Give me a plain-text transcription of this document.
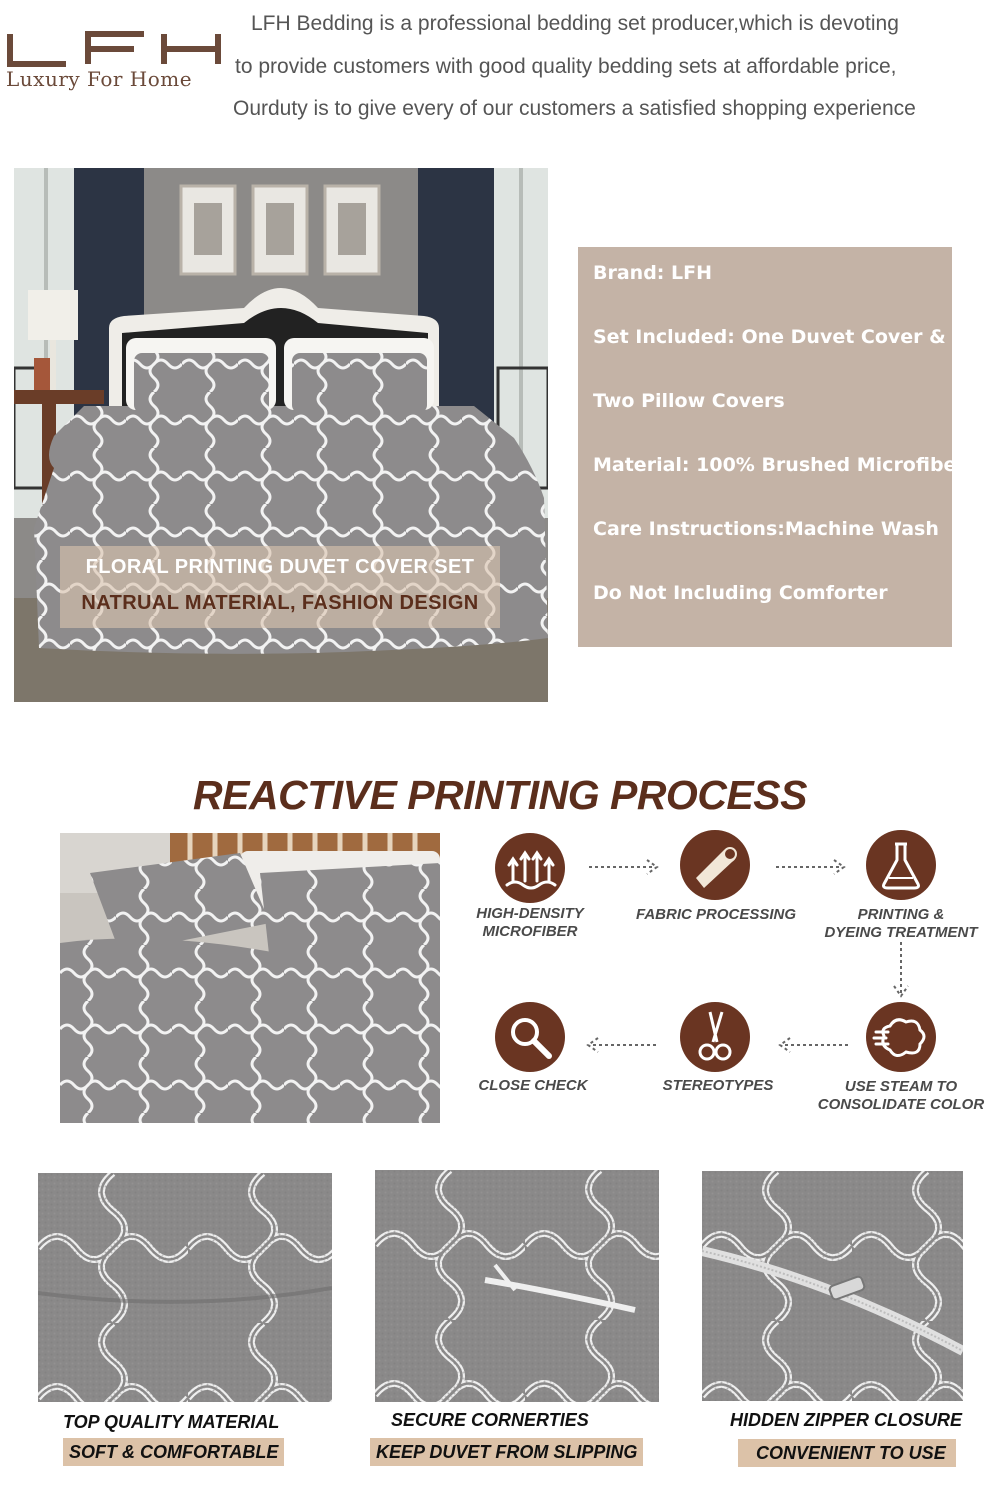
Luxury For Home
LFH Bedding is a professional bedding set producer,which is devoting
to provide customers with good quality bedding sets at affordable price,
Ourduty is to give every of our customers a satisfied shopping experience
FLORAL PRINTING DUVET COVER SET
NATRUAL MATERIAL, FASHION DESIGN
Brand: LFH
Set Included: One Duvet Cover &
Two Pillow Covers
Material: 100% Brushed Microfiber
Care Instructions:Machine Wash
Do Not Including Comforter
REACTIVE PRINTING PROCESS
HIGH-DENSITY
MICROFIBER
FABRIC PROCESSING	PRINTING &
DYEING TREATMENT
USE STEAM TO
CONSOLIDATE COLOR
STEREOTYPES
CLOSE CHECK
TOP QUALITY MATERIAL
SOFT & COMFORTABLE
SECURE CORNERTIES
KEEP DUVET FROM SLIPPING
HIDDEN ZIPPER CLOSURE
CONVENIENT TO USE
